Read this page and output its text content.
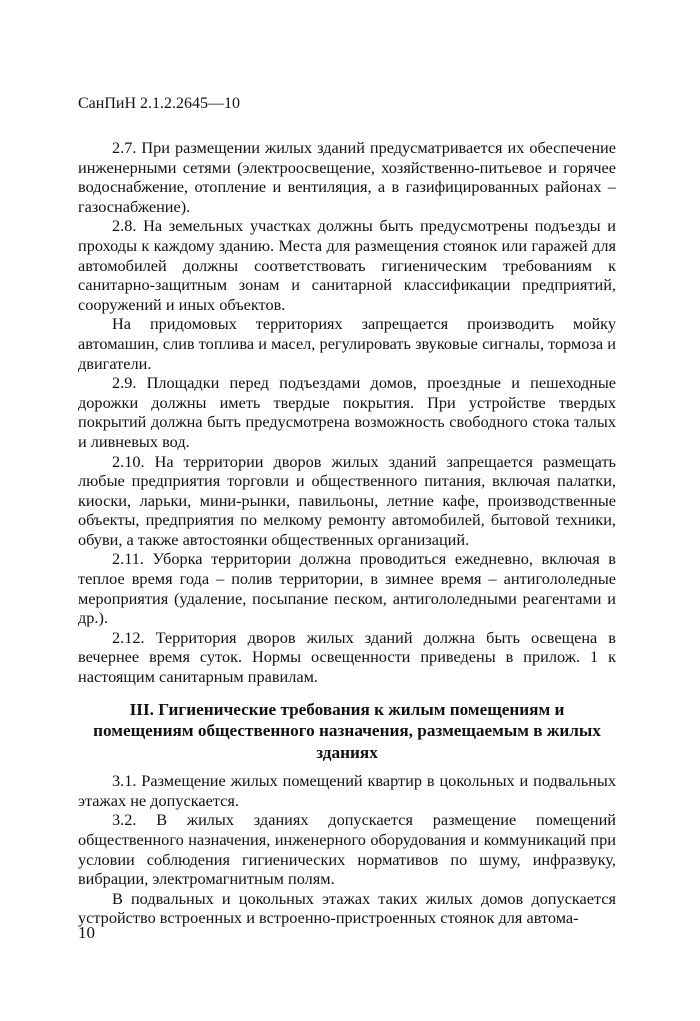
СанПиН 2.1.2.2645—10

2.7. При размещении жилых зданий предусматривается их обеспечение инженерными сетями (электроосвещение, хозяйственно-питьевое и горячее водоснабжение, отопление и вентиляция, а в газифицированных районах – газоснабжение).

2.8. На земельных участках должны быть предусмотрены подъезды и проходы к каждому зданию. Места для размещения стоянок или гаражей для автомобилей должны соответствовать гигиеническим требованиям к санитарно-защитным зонам и санитарной классификации предприятий, сооружений и иных объектов.

На придомовых территориях запрещается производить мойку автомашин, слив топлива и масел, регулировать звуковые сигналы, тормоза и двигатели.

2.9. Площадки перед подъездами домов, проездные и пешеходные дорожки должны иметь твердые покрытия. При устройстве твердых покрытий должна быть предусмотрена возможность свободного стока талых и ливневых вод.

2.10. На территории дворов жилых зданий запрещается размещать любые предприятия торговли и общественного питания, включая палатки, киоски, ларьки, мини-рынки, павильоны, летние кафе, производственные объекты, предприятия по мелкому ремонту автомобилей, бытовой техники, обуви, а также автостоянки общественных организаций.

2.11. Уборка территории должна проводиться ежедневно, включая в теплое время года – полив территории, в зимнее время – антигололедные мероприятия (удаление, посыпание песком, антигололедными реагентами и др.).

2.12. Территория дворов жилых зданий должна быть освещена в вечернее время суток. Нормы освещенности приведены в прилож. 1 к настоящим санитарным правилам.

III. Гигиенические требования к жилым помещениям и помещениям общественного назначения, размещаемым в жилых зданиях

3.1. Размещение жилых помещений квартир в цокольных и подвальных этажах не допускается.

3.2. В жилых зданиях допускается размещение помещений общественного назначения, инженерного оборудования и коммуникаций при условии соблюдения гигиенических нормативов по шуму, инфразвуку, вибрации, электромагнитным полям.

В подвальных и цокольных этажах таких жилых домов допускается устройство встроенных и встроенно-пристроенных стоянок для автома-

10
